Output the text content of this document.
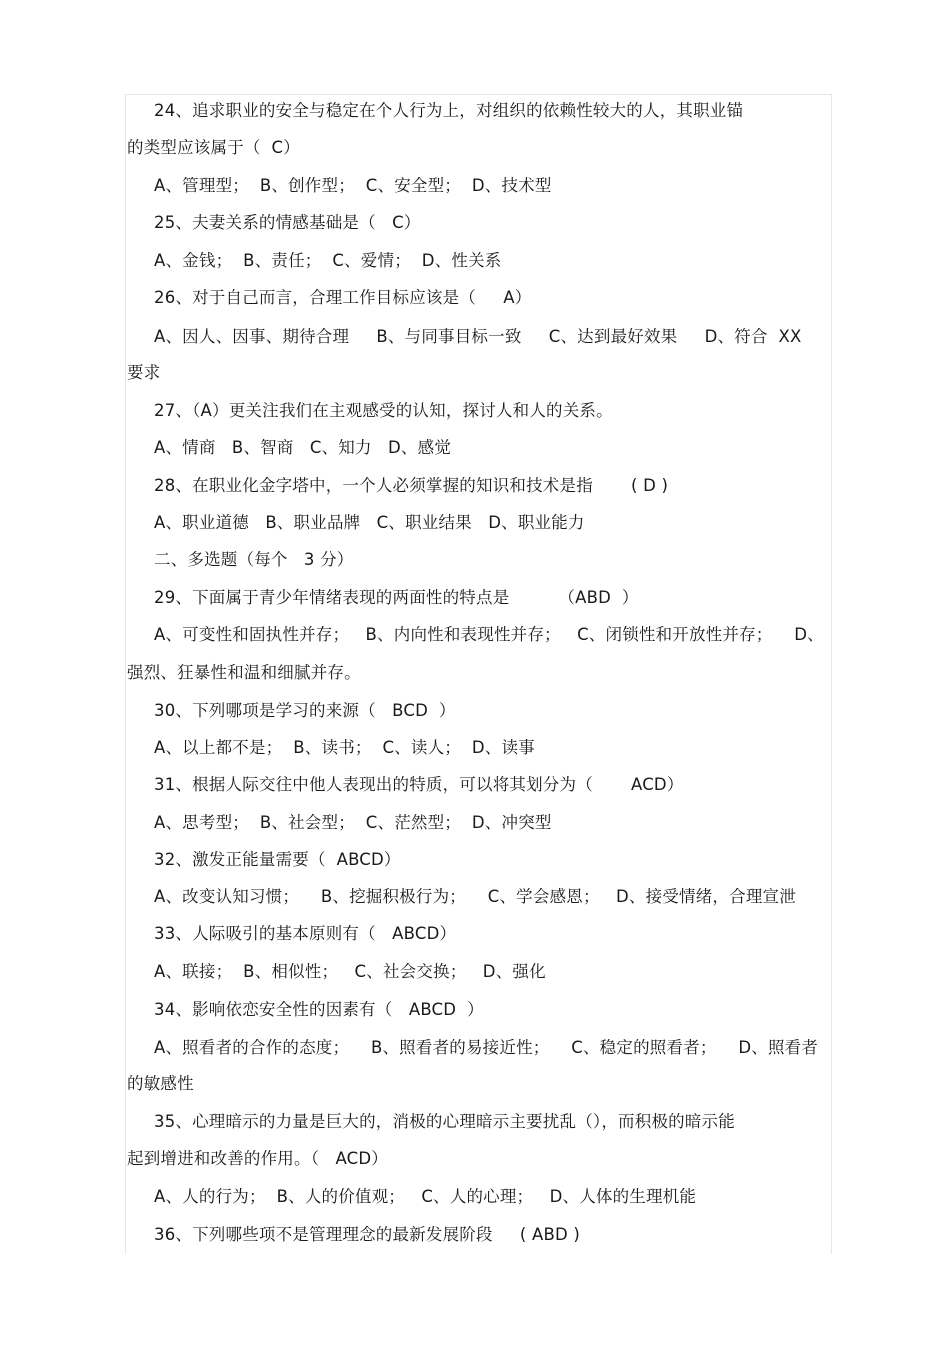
24、追求职业的安全与稳定在个人行为上，对组织的依赖性较大的人，其职业锚
的类型应该属于（  C）
A、管理型；  B、创作型；  C、安全型；  D、技术型
25、夫妻关系的情感基础是（   C）
A、金钱；  B、责任；  C、爱情；  D、性关系
26、对于自己而言，合理工作目标应该是（     A）
A、因人、因事、期待合理     B、与同事目标一致     C、达到最好效果     D、符合  XX
要求
27、（A）更关注我们在主观感受的认知，探讨人和人的关系。
A、情商   B、智商   C、知力   D、感觉
28、在职业化金字塔中，一个人必须掌握的知识和技术是指       ( D )
A、职业道德   B、职业品牌   C、职业结果   D、职业能力
二、多选题（每个   3 分）
29、下面属于青少年情绪表现的两面性的特点是         （ABD  ）
A、可变性和固执性并存；   B、内向性和表现性并存；   C、闭锁性和开放性并存；    D、
强烈、狂暴性和温和细腻并存。
30、下列哪项是学习的来源（   BCD  ）
A、以上都不是；  B、读书；  C、读人；  D、读事
31、根据人际交往中他人表现出的特质，可以将其划分为（       ACD）
A、思考型；  B、社会型；  C、茫然型；  D、冲突型
32、激发正能量需要（  ABCD）
A、改变认知习惯；    B、挖掘积极行为；    C、学会感恩；   D、接受情绪，合理宣泄
33、人际吸引的基本原则有（   ABCD）
A、联接；  B、相似性；   C、社会交换；   D、强化
34、影响依恋安全性的因素有（   ABCD  ）
A、照看者的合作的态度；    B、照看者的易接近性；    C、稳定的照看者；    D、照看者
的敏感性
35、心理暗示的力量是巨大的，消极的心理暗示主要扰乱（），而积极的暗示能
起到增进和改善的作用。（   ACD）
A、人的行为；  B、人的价值观；   C、人的心理；   D、人体的生理机能
36、下列哪些项不是管理理念的最新发展阶段     ( ABD )
